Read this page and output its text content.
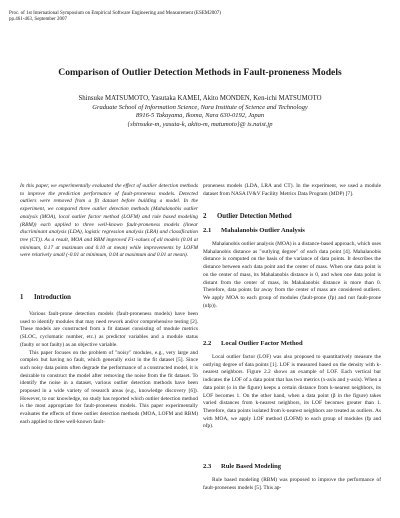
Proc. of 1st International Symposium on Empirical Software Engineering and Measurement (ESEM2007)
pp.461-463, September 2007
Comparison of Outlier Detection Methods in Fault-proneness Models
Shinsuke MATSUMOTO, Yasutaka KAMEI, Akito MONDEN, Ken-ichi MATSUMOTO
Graduate School of Information Science, Nara Institute of Science and Technology
8916-5 Takayama, Ikoma, Nara 630-0192, Japan
{shinsuke-m, yasuta-k, akito-m, matumoto}@ is.naist.jp
In this paper, we experimentally evaluated the effect of outlier detection methods to improve the prediction performance of fault-proneness models. Detected outliers were removed from a fit dataset before building a model. In the experiment, we compared three outlier detection methods (Mahalanobis outlier analysis (MOA), local outlier factor method (LOFM) and rule based modeling (RBM)) each applied to three well-known fault-proneness models (linear discriminant analysis (LDA), logistic regression analysis (LRA) and classification tree (CT)). As a result, MOA and RBM improved F1-values of all models (0.04 at minimum, 0.17 at maximum and 0.10 at mean) while improvements by LOFM were relatively small (-0.01 at minimum, 0.04 at maximum and 0.01 at mean).
1 Introduction

Various fault-prone detection models (fault-proneness models) have been used to identify modules that may need rework and/or comprehensive testing [2]. These models are constructed from a fit dataset consisting of module metrics (SLOC, cyclomatic number, etc.) as predictor variables and a module status (faulty or not faulty) as an objective variable.

This paper focuses on the problem of "noisy" modules, e.g., very large and complex but having no fault, which generally exist in the fit dataset [5]. Since such noisy data points often degrade the performance of a constructed model, it is desirable to construct the model after removing the noise from the fit dataset. To identify the noise in a dataset, various outlier detection methods have been proposed in a wide variety of research areas (e.g., knowledge discovery [6]). However, to our knowledge, no study has reported which outlier detection method is the most appropriate for fault-proneness models. This paper experimentally evaluates the effects of three outlier detection methods (MOA, LOFM and RBM) each applied to three well-known fault-

proneness models (LDA, LRA and CT). In the experiment, we used a module dataset from NASA IV&V Facility Metrics Data Program (MDP) [7].
2 Outlier Detection Method
2.1 Mahalanobis Outlier Analysis

Mahalanobis outlier analysis (MOA) is a distance-based approach, which uses Mahalanobis distance as "outlying degree" of each data point [4]. Mahalanobis distance is computed on the basis of the variance of data points. It describes the distance between each data point and the center of mass. When one data point is on the center of mass, its Mahalanobis distance is 0, and when one data point is distant from the center of mass, its Mahalanobis distance is more than 0. Therefore, data points far away from the center of mass are considered outliers. We apply MOA to each group of modules (fault-prone (fp) and not fault-prone (nfp)).

2.2 Local Outlier Factor Method

Local outlier factor (LOF) was also proposed to quantitatively measure the outlying degree of data points [1]. LOF is measured based on the density with k-nearest neighbors. Figure 2.2 shows an example of LOF. Each vertical bar indicates the LOF of a data point that has two metrics (x-axis and y-axis). When a data point (o in the figure) keeps a certain distance from k-nearest neighbors, its LOF becomes 1. On the other hand, when a data point (β in the figure) takes varied distances from k-nearest neighbors, its LOF becomes greater than 1. Therefore, data points isolated from k-nearest neighbors are treated as outliers. As with MOA, we apply LOF method (LOFM) to each group of modules (fp and nfp).

2.3 Rule Based Modeling

Rule based modeling (RBM) was proposed to improve the performance of fault-proneness models [5]. This ap-
